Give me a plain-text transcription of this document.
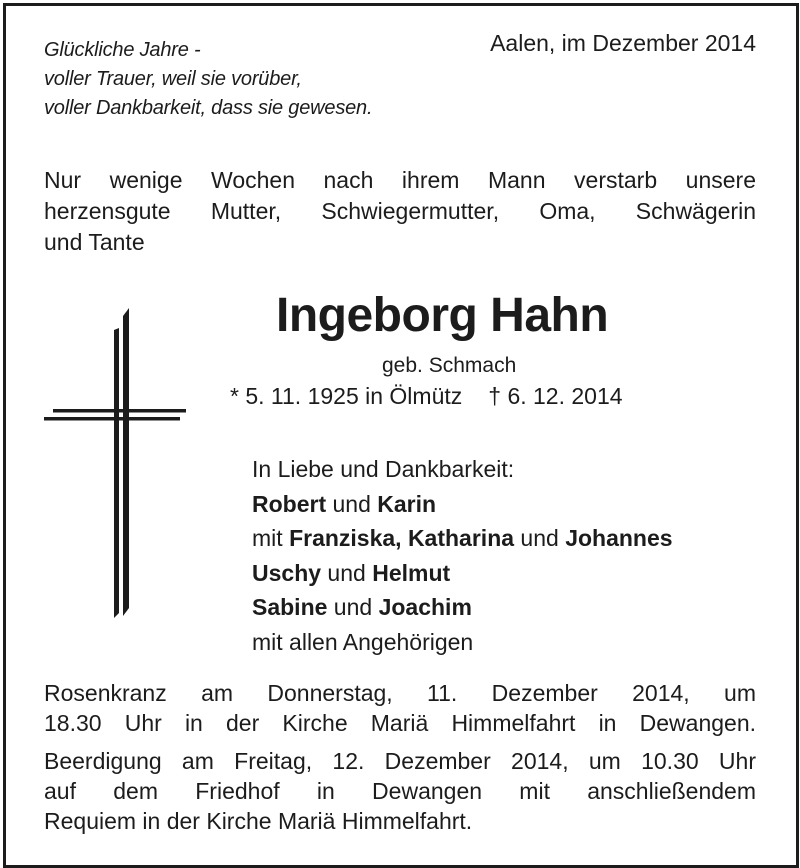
Glückliche Jahre -
voller Trauer, weil sie vorüber,
voller Dankbarkeit, dass sie gewesen.
Aalen, im Dezember 2014
Nur wenige Wochen nach ihrem Mann verstarb unsere
herzensgute Mutter, Schwiegermutter, Oma, Schwägerin
und Tante
Ingeborg Hahn
geb. Schmach
* 5. 11. 1925 in Ölmütz † 6. 12. 2014
In Liebe und Dankbarkeit:
Robert und Karin
mit Franziska, Katharina und Johannes
Uschy und Helmut
Sabine und Joachim
mit allen Angehörigen
Rosenkranz am Donnerstag, 11. Dezember 2014, um
18.30 Uhr in der Kirche Mariä Himmelfahrt in Dewangen.
Beerdigung am Freitag, 12. Dezember 2014, um 10.30 Uhr
auf dem Friedhof in Dewangen mit anschließendem
Requiem in der Kirche Mariä Himmelfahrt.
